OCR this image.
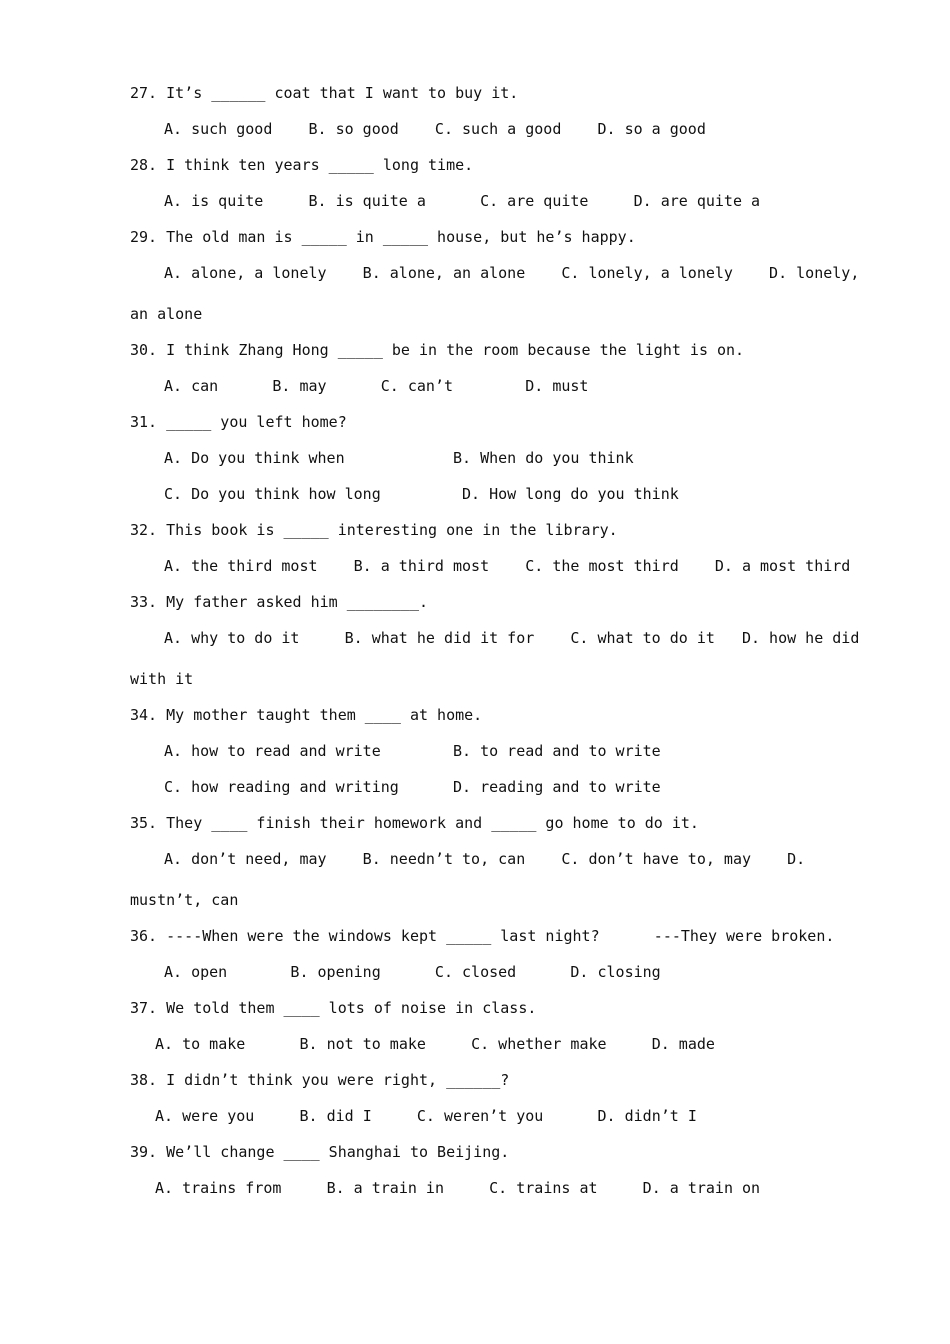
27. It’s ______ coat that I want to buy it.
A. such good    B. so good    C. such a good    D. so a good
28. I think ten years _____ long time.
A. is quite     B. is quite a      C. are quite     D. are quite a
29. The old man is _____ in _____ house, but he’s happy.
A. alone, a lonely    B. alone, an alone    C. lonely, a lonely    D. lonely,
an alone
30. I think Zhang Hong _____ be in the room because the light is on.
A. can      B. may      C. can’t        D. must
31. _____ you left home?
A. Do you think when            B. When do you think
C. Do you think how long         D. How long do you think
32. This book is _____ interesting one in the library.
A. the third most    B. a third most    C. the most third    D. a most third
33. My father asked him ________.
A. why to do it     B. what he did it for    C. what to do it   D. how he did
with it
34. My mother taught them ____ at home.
A. how to read and write        B. to read and to write
C. how reading and writing      D. reading and to write
35. They ____ finish their homework and _____ go home to do it.
A. don’t need, may    B. needn’t to, can    C. don’t have to, may    D.
mustn’t, can
36. ----When were the windows kept _____ last night?      ---They were broken.
A. open       B. opening      C. closed      D. closing
37. We told them ____ lots of noise in class.
A. to make      B. not to make     C. whether make     D. made
38. I didn’t think you were right, ______?
A. were you     B. did I     C. weren’t you      D. didn’t I
39. We’ll change ____ Shanghai to Beijing.
A. trains from     B. a train in     C. trains at     D. a train on
